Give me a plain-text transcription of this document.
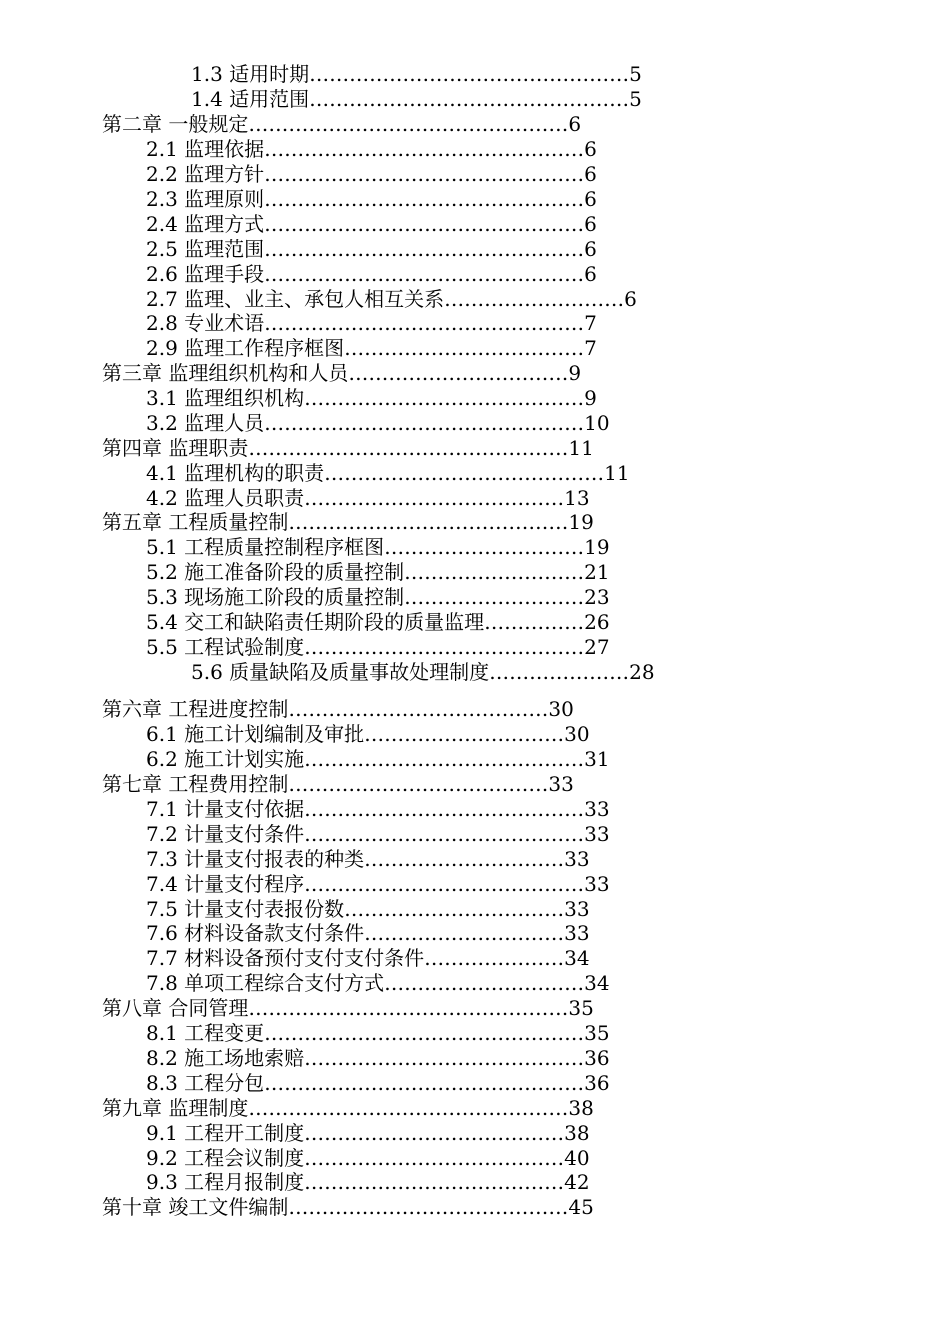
1.3 适用时期…………………………………………5
1.4 适用范围…………………………………………5
第二章 一般规定…………………………………………6
2.1 监理依据…………………………………………6
2.2 监理方针…………………………………………6
2.3 监理原则…………………………………………6
2.4 监理方式…………………………………………6
2.5 监理范围…………………………………………6
2.6 监理手段…………………………………………6
2.7 监理、业主、承包人相互关系………………………6
2.8 专业术语…………………………………………7
2.9 监理工作程序框图………………………………7
第三章 监理组织机构和人员……………………………9
3.1 监理组织机构……………………………………9
3.2 监理人员…………………………………………10
第四章 监理职责…………………………………………11
4.1 监理机构的职责……………………………………11
4.2 监理人员职责…………………………………13
第五章 工程质量控制……………………………………19
5.1 工程质量控制程序框图…………………………19
5.2 施工准备阶段的质量控制………………………21
5.3 现场施工阶段的质量控制………………………23
5.4 交工和缺陷责任期阶段的质量监理……………26
5.5 工程试验制度……………………………………27
5.6 质量缺陷及质量事故处理制度…………………28
第六章 工程进度控制…………………………………30
6.1 施工计划编制及审批…………………………30
6.2 施工计划实施……………………………………31
第七章 工程费用控制…………………………………33
7.1 计量支付依据……………………………………33
7.2 计量支付条件……………………………………33
7.3 计量支付报表的种类…………………………33
7.4 计量支付程序……………………………………33
7.5 计量支付表报份数……………………………33
7.6 材料设备款支付条件…………………………33
7.7 材料设备预付支付支付条件…………………34
7.8 单项工程综合支付方式…………………………34
第八章 合同管理…………………………………………35
8.1 工程变更…………………………………………35
8.2 施工场地索赔……………………………………36
8.3 工程分包…………………………………………36
第九章 监理制度…………………………………………38
9.1 工程开工制度…………………………………38
9.2 工程会议制度…………………………………40
9.3 工程月报制度…………………………………42
第十章 竣工文件编制……………………………………45
